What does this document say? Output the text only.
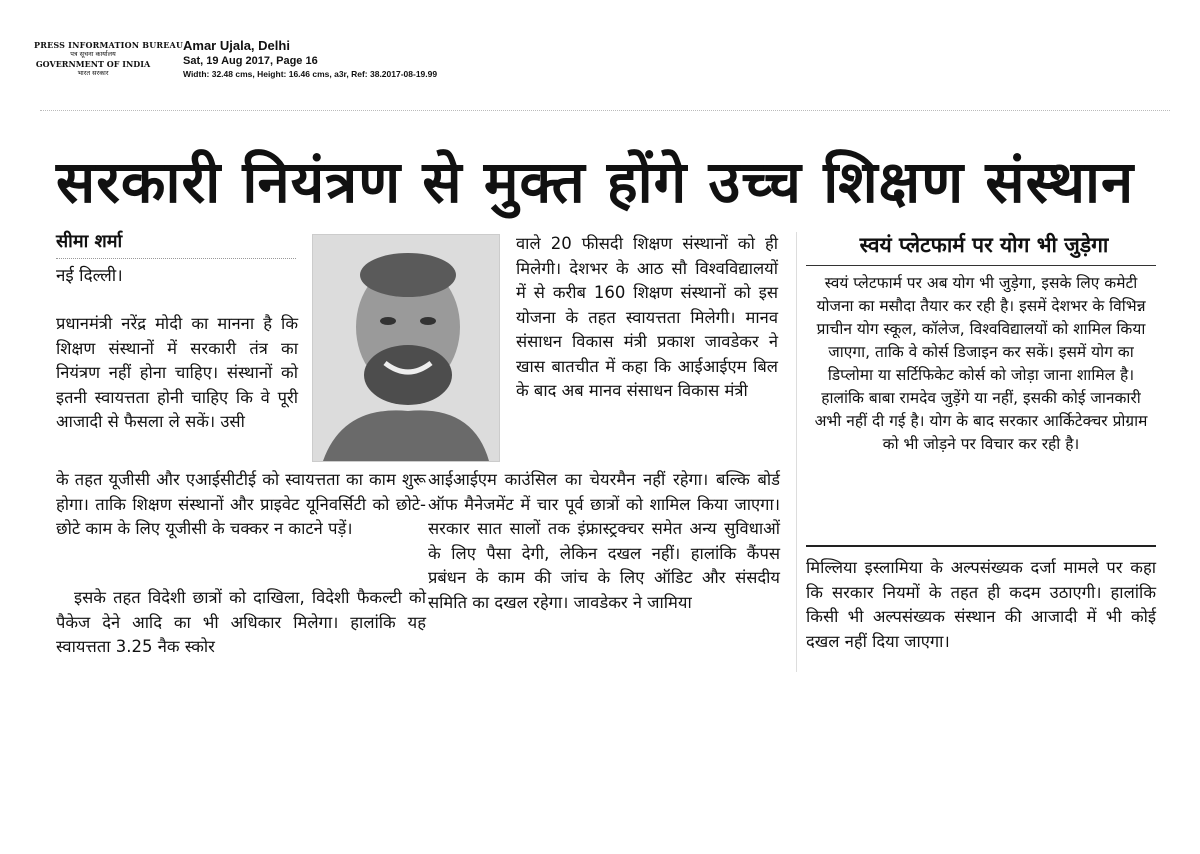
PRESS INFORMATION BUREAU
पत्र सूचना कार्यालय
GOVERNMENT OF INDIA
भारत सरकार
Amar Ujala, Delhi
Sat, 19 Aug 2017, Page 16
Width: 32.48 cms, Height: 16.46 cms, a3r, Ref: 38.2017-08-19.99
सरकारी नियंत्रण से मुक्त होंगे उच्च शिक्षण संस्थान
सीमा शर्मा
नई दिल्ली।

प्रधानमंत्री नरेंद्र मोदी का मानना है कि शिक्षण संस्थानों में सरकारी तंत्र का नियंत्रण नहीं होना चाहिए। संस्थानों को इतनी स्वायत्तता होनी चाहिए कि वे पूरी आजादी से फैसला ले सकें। उसी

के तहत यूजीसी और एआईसीटीई को स्वायत्तता का काम शुरू होगा। ताकि शिक्षण संस्थानों और प्राइवेट यूनिवर्सिटी को छोटे-छोटे काम के लिए यूजीसी के चक्कर न काटने पड़ें।

इसके तहत विदेशी छात्रों को दाखिला, विदेशी फैकल्टी को पैकेज देने आदि का भी अधिकार मिलेगा। हालांकि यह स्वायत्तता 3.25 नैक स्कोर

वाले 20 फीसदी शिक्षण संस्थानों को ही मिलेगी। देशभर के आठ सौ विश्वविद्यालयों में से करीब 160 शिक्षण संस्थानों को इस योजना के तहत स्वायत्तता मिलेगी। मानव संसाधन विकास मंत्री प्रकाश जावडेकर ने खास बातचीत में कहा कि आईआईएम बिल के बाद अब मानव संसाधन विकास मंत्री

आईआईएम काउंसिल का चेयरमैन नहीं रहेगा। बल्कि बोर्ड ऑफ मैनेजमेंट में चार पूर्व छात्रों को शामिल किया जाएगा। सरकार सात सालों तक इंफ्रास्ट्रक्चर समेत अन्य सुविधाओं के लिए पैसा देगी, लेकिन दखल नहीं। हालांकि कैंपस प्रबंधन के काम की जांच के लिए ऑडिट और संसदीय समिति का दखल रहेगा। जावडेकर ने जामिया

स्वयं प्लेटफार्म पर योग भी जुड़ेगा

स्वयं प्लेटफार्म पर अब योग भी जुड़ेगा, इसके लिए कमेटी योजना का मसौदा तैयार कर रही है। इसमें देशभर के विभिन्न प्राचीन योग स्कूल, कॉलेज, विश्वविद्यालयों को शामिल किया जाएगा, ताकि वे कोर्स डिजाइन कर सकें। इसमें योग का डिप्लोमा या सर्टिफिकेट कोर्स को जोड़ा जाना शामिल है। हालांकि बाबा रामदेव जुड़ेंगे या नहीं, इसकी कोई जानकारी अभी नहीं दी गई है। योग के बाद सरकार आर्किटेक्चर प्रोग्राम को भी जोड़ने पर विचार कर रही है।

मिल्लिया इस्लामिया के अल्पसंख्यक दर्जा मामले पर कहा कि सरकार नियमों के तहत ही कदम उठाएगी। हालांकि किसी भी अल्पसंख्यक संस्थान की आजादी में भी कोई दखल नहीं दिया जाएगा।
